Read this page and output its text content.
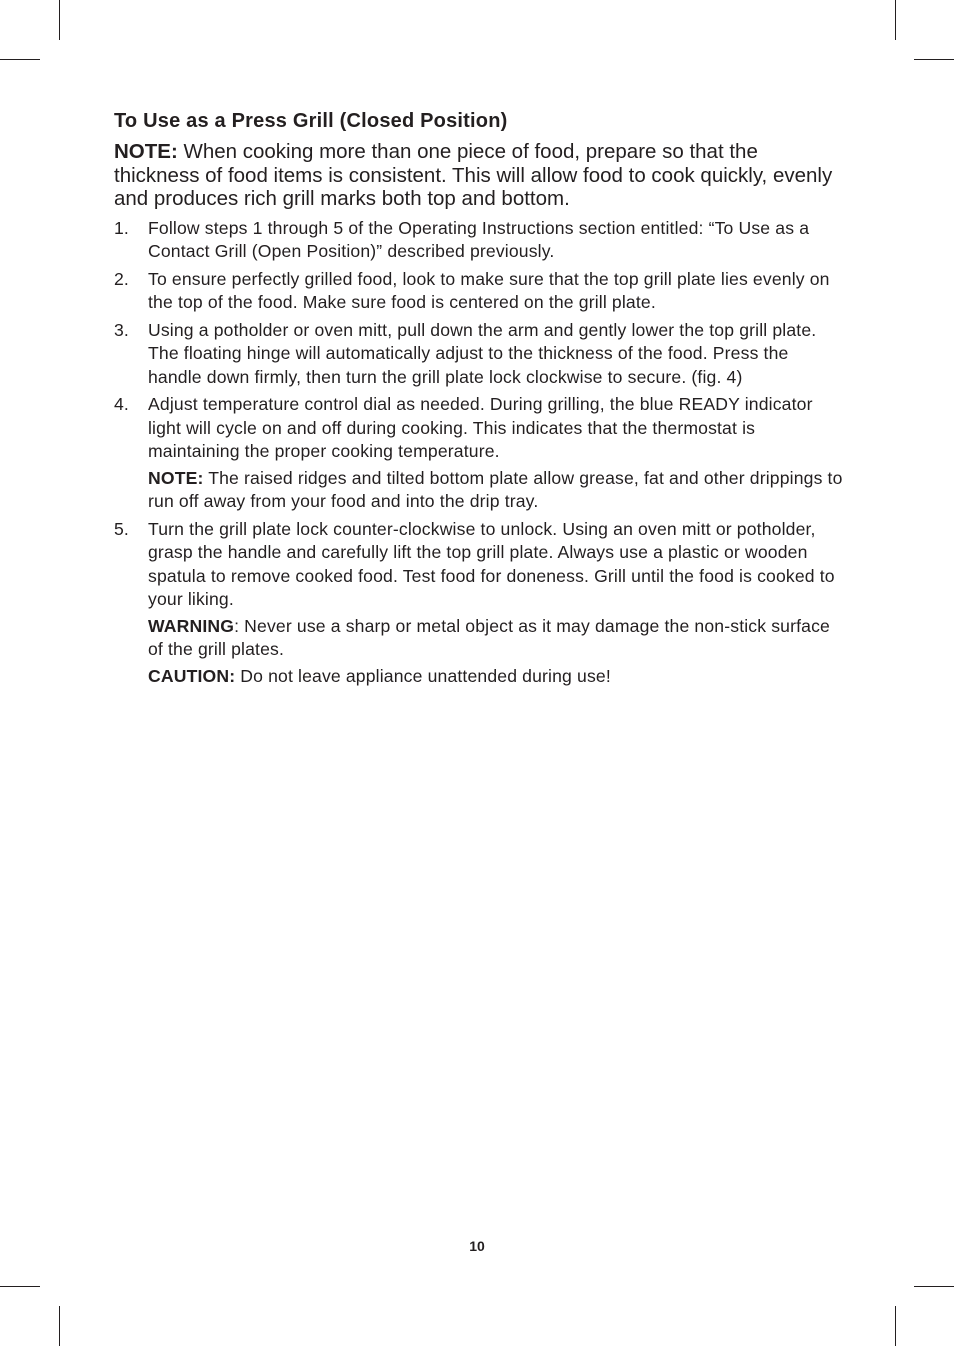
To Use as a Press Grill (Closed Position)

NOTE: When cooking more than one piece of food, prepare so that the thickness of food items is consistent. This will allow food to cook quickly, evenly and produces rich grill marks both top and bottom.

1. Follow steps 1 through 5 of the Operating Instructions section entitled: “To Use as a Contact Grill (Open Position)” described previously.
2. To ensure perfectly grilled food, look to make sure that the top grill plate lies evenly on the top of the food. Make sure food is centered on the grill plate.
3. Using a potholder or oven mitt, pull down the arm and gently lower the top grill plate. The floating hinge will automatically adjust to the thickness of the food. Press the handle down firmly, then turn the grill plate lock clockwise to secure. (fig. 4)
4. Adjust temperature control dial as needed. During grilling, the blue READY indicator light will cycle on and off during cooking. This indicates that the thermostat is maintaining the proper cooking temperature.
NOTE: The raised ridges and tilted bottom plate allow grease, fat and other drippings to run off away from your food and into the drip tray.
5. Turn the grill plate lock counter-clockwise to unlock. Using an oven mitt or potholder, grasp the handle and carefully lift the top grill plate. Always use a plastic or wooden spatula to remove cooked food. Test food for doneness. Grill until the food is cooked to your liking.
WARNING: Never use a sharp or metal object as it may damage the non-stick surface of the grill plates.
CAUTION: Do not leave appliance unattended during use!
10
